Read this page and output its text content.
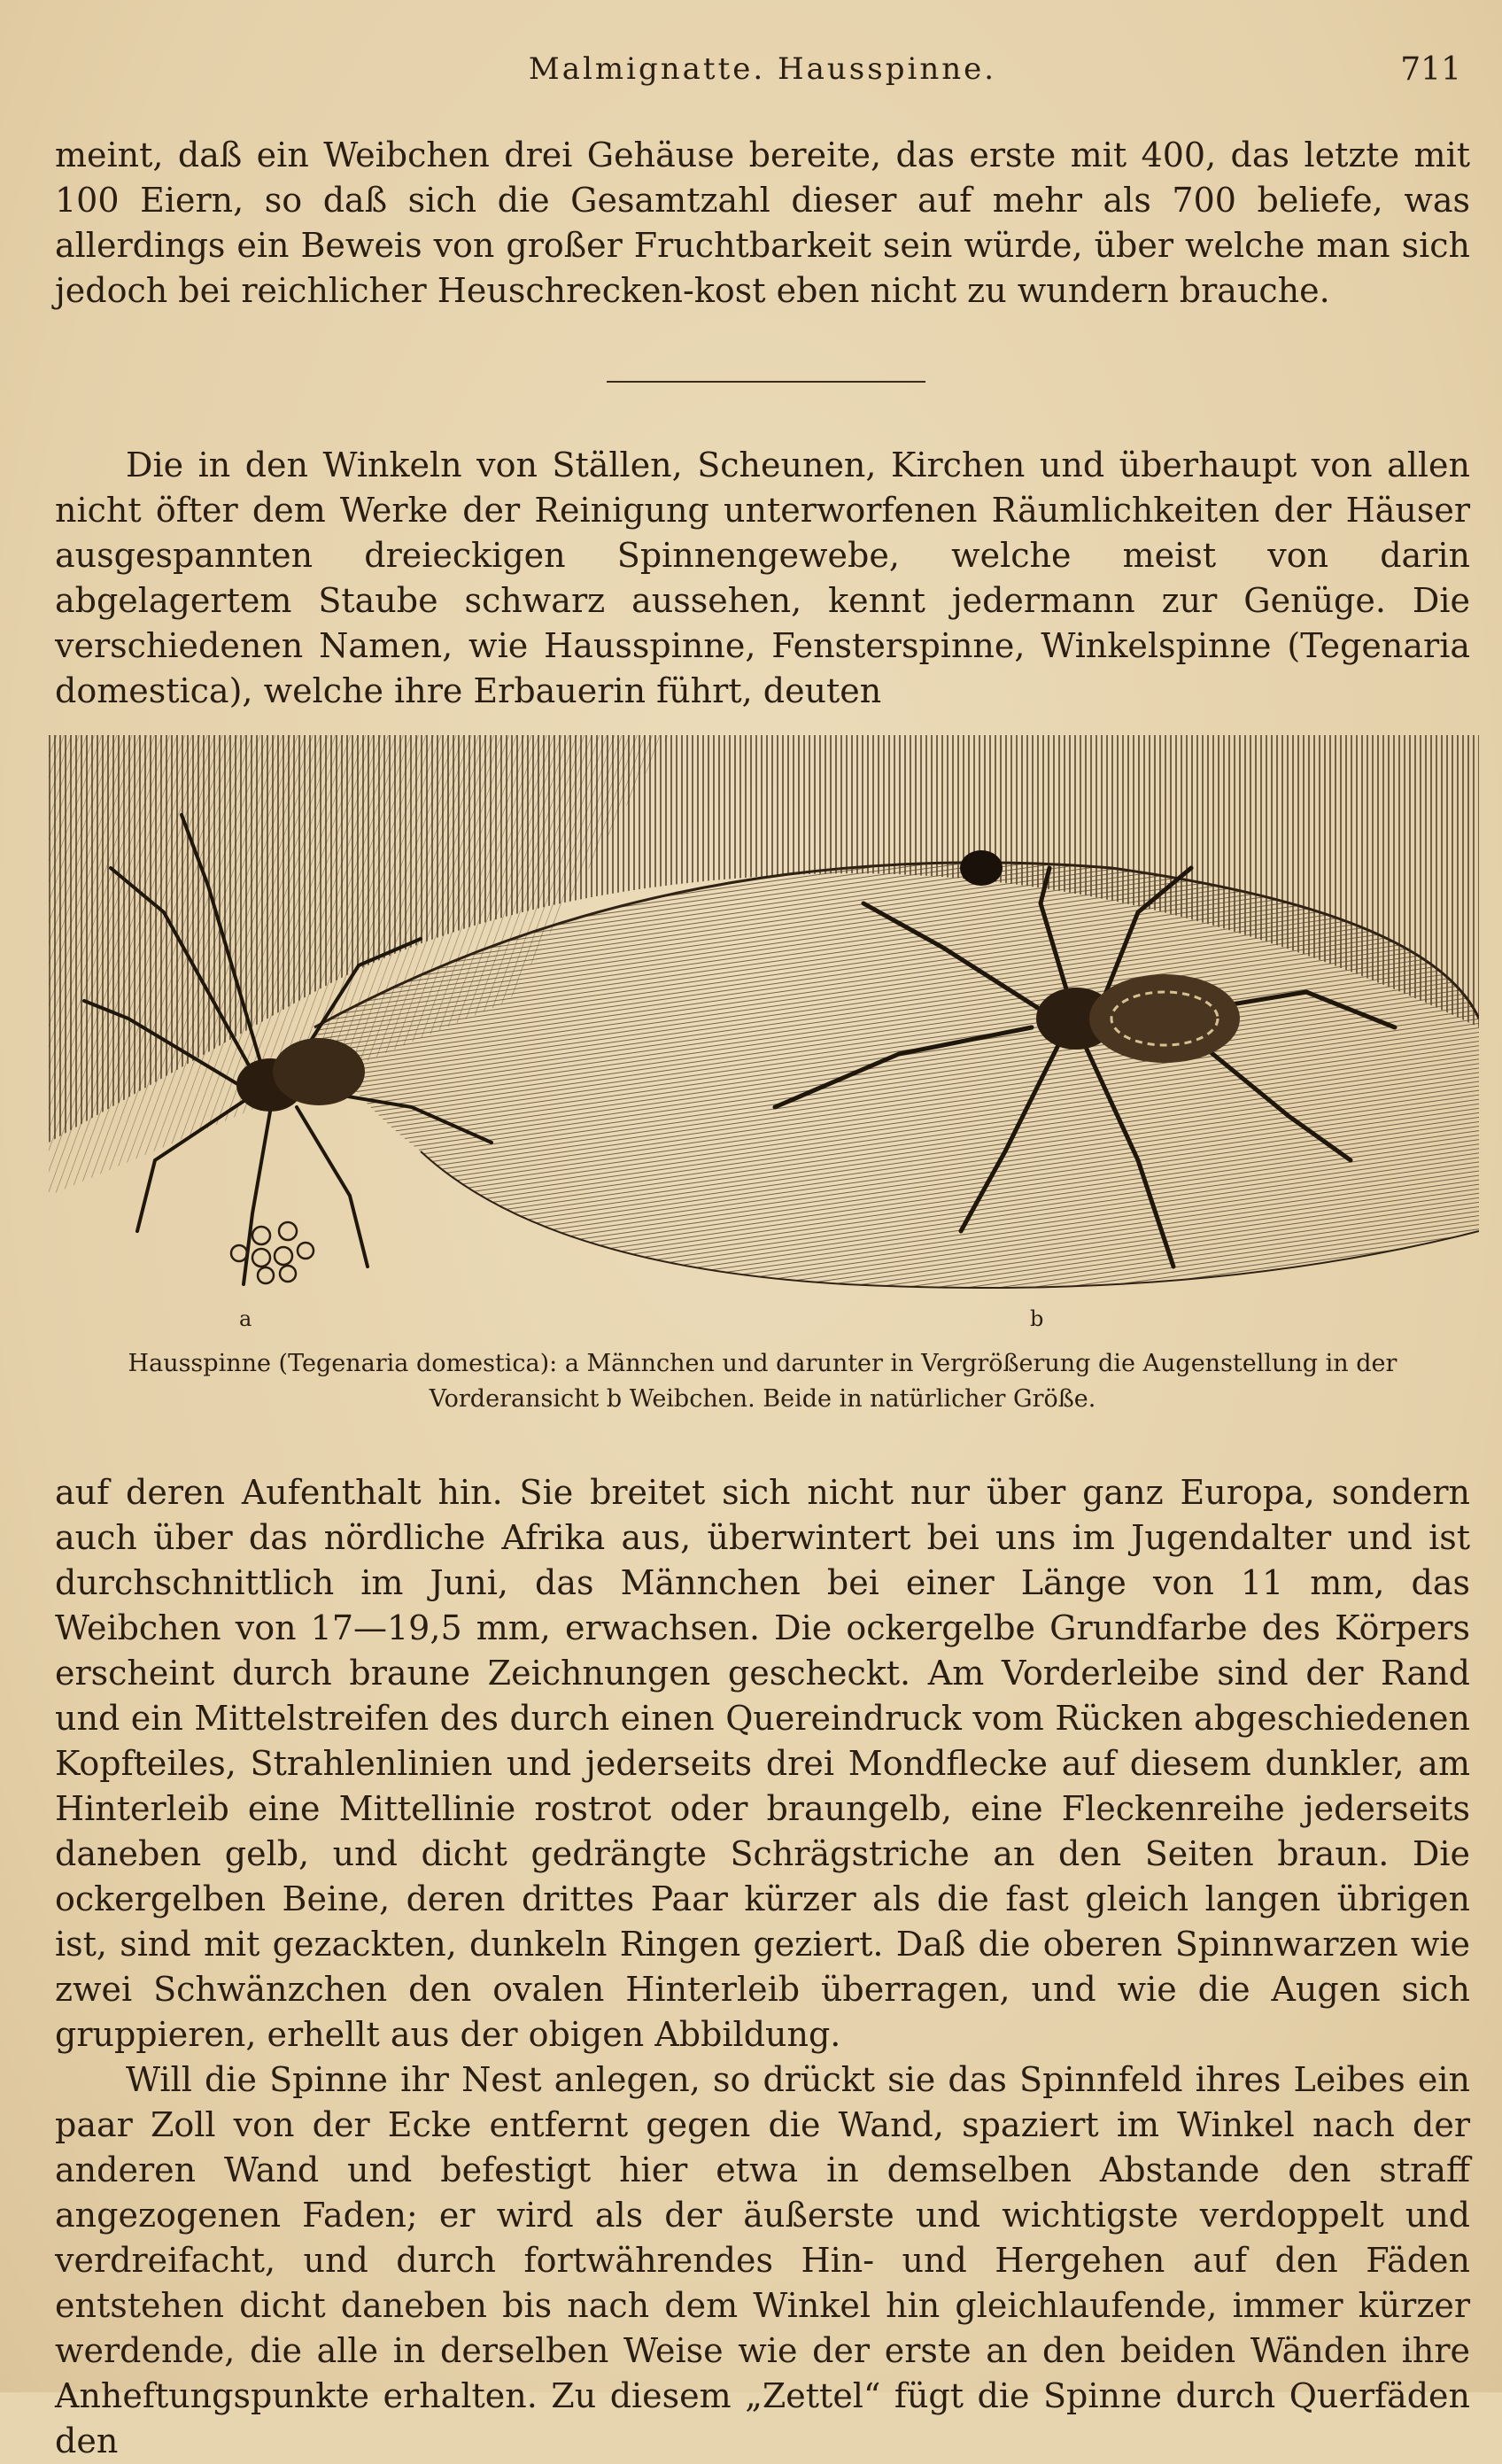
Malmignatte. Hausspinne.	711

meint, daß ein Weibchen drei Gehäuse bereite, das erste mit 400, das letzte mit 100 Eiern, so daß sich die Gesamtzahl dieser auf mehr als 700 beliefe, was allerdings ein Beweis von großer Fruchtbarkeit sein würde, über welche man sich jedoch bei reichlicher Heuschrecken-kost eben nicht zu wundern brauche.

Die in den Winkeln von Ställen, Scheunen, Kirchen und überhaupt von allen nicht öfter dem Werke der Reinigung unterworfenen Räumlichkeiten der Häuser ausgespannten dreieckigen Spinnengewebe, welche meist von darin abgelagertem Staube schwarz aussehen, kennt jedermann zur Genüge. Die verschiedenen Namen, wie Hausspinne, Fensterspinne, Winkelspinne (Tegenaria domestica), welche ihre Erbauerin führt, deuten

a	b
Hausspinne (Tegenaria domestica): a Männchen und darunter in Vergrößerung die Augenstellung in der Vorderansicht b Weibchen. Beide in natürlicher Größe.

auf deren Aufenthalt hin. Sie breitet sich nicht nur über ganz Europa, sondern auch über das nördliche Afrika aus, überwintert bei uns im Jugendalter und ist durchschnittlich im Juni, das Männchen bei einer Länge von 11 mm, das Weibchen von 17—19,5 mm, erwachsen. Die ockergelbe Grundfarbe des Körpers erscheint durch braune Zeichnungen gescheckt. Am Vorderleibe sind der Rand und ein Mittelstreifen des durch einen Quereindruck vom Rücken abgeschiedenen Kopfteiles, Strahlenlinien und jederseits drei Mondflecke auf diesem dunkler, am Hinterleib eine Mittellinie rostrot oder braungelb, eine Fleckenreihe jederseits daneben gelb, und dicht gedrängte Schrägstriche an den Seiten braun. Die ockergelben Beine, deren drittes Paar kürzer als die fast gleich langen übrigen ist, sind mit gezackten, dunkeln Ringen geziert. Daß die oberen Spinnwarzen wie zwei Schwänzchen den ovalen Hinterleib überragen, und wie die Augen sich gruppieren, erhellt aus der obigen Abbildung.

Will die Spinne ihr Nest anlegen, so drückt sie das Spinnfeld ihres Leibes ein paar Zoll von der Ecke entfernt gegen die Wand, spaziert im Winkel nach der anderen Wand und befestigt hier etwa in demselben Abstande den straff angezogenen Faden; er wird als der äußerste und wichtigste verdoppelt und verdreifacht, und durch fortwährendes Hin- und Hergehen auf den Fäden entstehen dicht daneben bis nach dem Winkel hin gleichlaufende, immer kürzer werdende, die alle in derselben Weise wie der erste an den beiden Wänden ihre Anheftungspunkte erhalten. Zu diesem „Zettel“ fügt die Spinne durch Querfäden den
